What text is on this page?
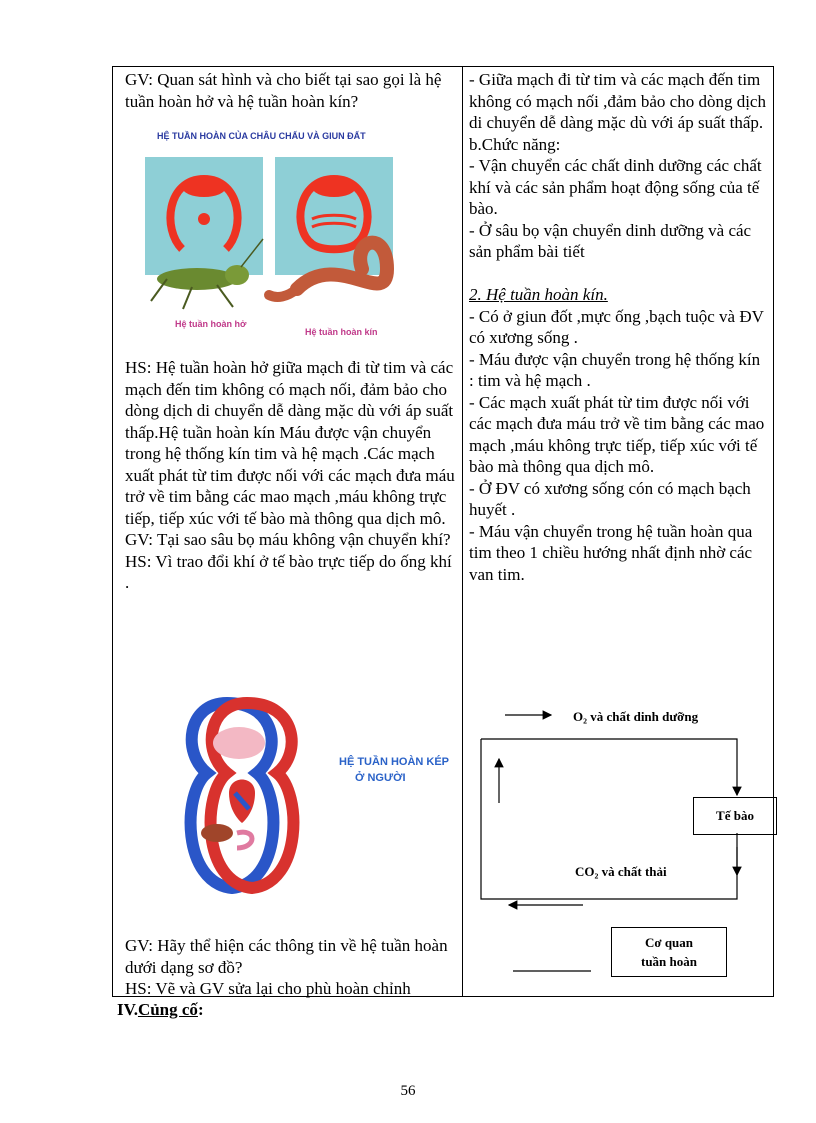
GV: Quan sát hình và cho biết tại sao gọi là hệ tuần hoàn hở và hệ tuần hoàn kín?

HỆ TUẦN HOÀN CỦA CHÂU CHẤU VÀ GIUN ĐẤT
Hệ tuần hoàn hở
Hệ tuần hoàn kín

HS: Hệ tuần hoàn hở giữa mạch đi từ tim và các mạch đến tim không có mạch nối, đảm bảo cho dòng dịch di chuyển dễ dàng mặc dù với áp suất thấp.Hệ tuần hoàn kín Máu được vận chuyển trong hệ thống kín tim và hệ mạch .Các mạch xuất phát từ tim được nối với các mạch đưa máu trở về tim bằng các mao mạch ,máu không trực tiếp, tiếp xúc với tế bào mà thông qua dịch mô.

GV: Tại sao sâu bọ máu không vận chuyển khí?

HS: Vì trao đổi khí ở tế bào trực tiếp do ống khí .

HỆ TUẦN HOÀN KÉP
Ở NGƯỜI

GV: Hãy thể hiện các thông tin về hệ tuần hoàn dưới dạng sơ đồ?

HS: Vẽ và GV sửa lại cho phù hoàn chỉnh

- Giữa mạch đi từ tim và các mạch đến tim không có mạch nối ,đảm bảo cho dòng dịch di chuyển dễ dàng mặc dù với áp suất thấp.

b.Chức năng:

- Vận chuyển các chất dinh dưỡng các chất khí và các sản phẩm hoạt động sống của tế bào.

- Ở sâu bọ vận chuyển dinh dưỡng và các sản phẩm bài tiết

2. Hệ tuần hoàn kín.

- Có ở giun đốt ,mực ống ,bạch tuộc và ĐV có xương sống .

- Máu được vận chuyển trong hệ thống kín : tim và hệ mạch .

- Các mạch xuất phát từ tim được nối với các mạch đưa máu trở về tim bằng các mao mạch ,máu không trực tiếp, tiếp xúc với tế bào mà thông qua dịch mô.

- Ở ĐV có xương sống cón có mạch bạch huyết .

- Máu vận chuyển trong hệ tuần hoàn qua tim theo 1 chiều hướng nhất định nhờ các van tim.

O₂ và chất dinh dưỡng
Tế bào
CO₂ và chất thải
Cơ quan
tuần hoàn
IV.Củng cố:
56
